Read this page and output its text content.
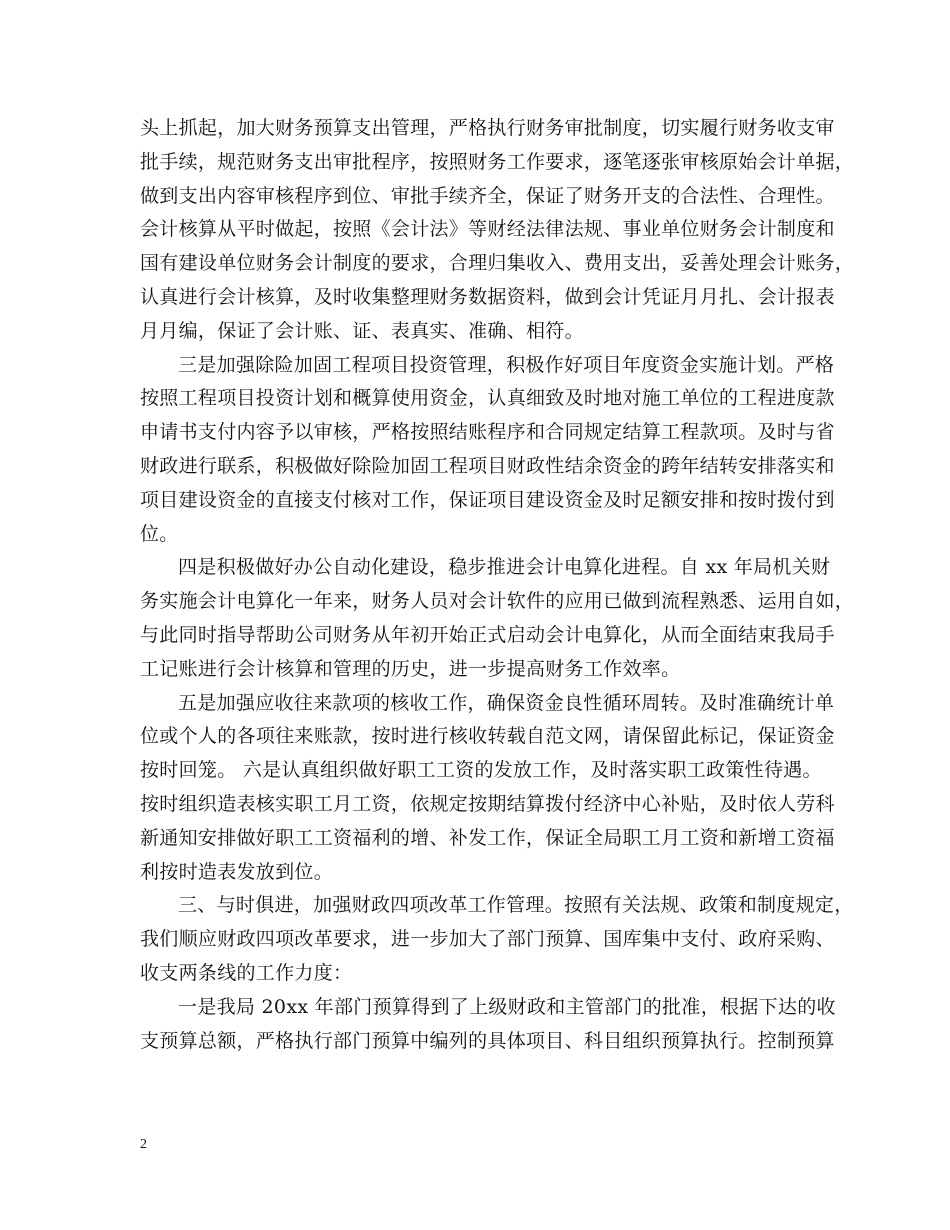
头上抓起，加大财务预算支出管理，严格执行财务审批制度，切实履行财务收支审
批手续，规范财务支出审批程序，按照财务工作要求，逐笔逐张审核原始会计单据，
做到支出内容审核程序到位、审批手续齐全，保证了财务开支的合法性、合理性。
会计核算从平时做起，按照《会计法》等财经法律法规、事业单位财务会计制度和
国有建设单位财务会计制度的要求，合理归集收入、费用支出，妥善处理会计账务，
认真进行会计核算，及时收集整理财务数据资料，做到会计凭证月月扎、会计报表
月月编，保证了会计账、证、表真实、准确、相符。
三是加强除险加固工程项目投资管理，积极作好项目年度资金实施计划。严格
按照工程项目投资计划和概算使用资金，认真细致及时地对施工单位的工程进度款
申请书支付内容予以审核，严格按照结账程序和合同规定结算工程款项。及时与省
财政进行联系，积极做好除险加固工程项目财政性结余资金的跨年结转安排落实和
项目建设资金的直接支付核对工作，保证项目建设资金及时足额安排和按时拨付到
位。
四是积极做好办公自动化建设，稳步推进会计电算化进程。自 xx 年局机关财
务实施会计电算化一年来，财务人员对会计软件的应用已做到流程熟悉、运用自如，
与此同时指导帮助公司财务从年初开始正式启动会计电算化，从而全面结束我局手
工记账进行会计核算和管理的历史，进一步提高财务工作效率。
五是加强应收往来款项的核收工作，确保资金良性循环周转。及时准确统计单
位或个人的各项往来账款，按时进行核收转载自范文网，请保留此标记，保证资金
按时回笼。 六是认真组织做好职工工资的发放工作，及时落实职工政策性待遇。
按时组织造表核实职工月工资，依规定按期结算拨付经济中心补贴，及时依人劳科
新通知安排做好职工工资福利的增、补发工作，保证全局职工月工资和新增工资福
利按时造表发放到位。
三、与时俱进，加强财政四项改革工作管理。按照有关法规、政策和制度规定，
我们顺应财政四项改革要求，进一步加大了部门预算、国库集中支付、政府采购、
收支两条线的工作力度：
一是我局 20xx 年部门预算得到了上级财政和主管部门的批准，根据下达的收
支预算总额，严格执行部门预算中编列的具体项目、科目组织预算执行。控制预算
2
